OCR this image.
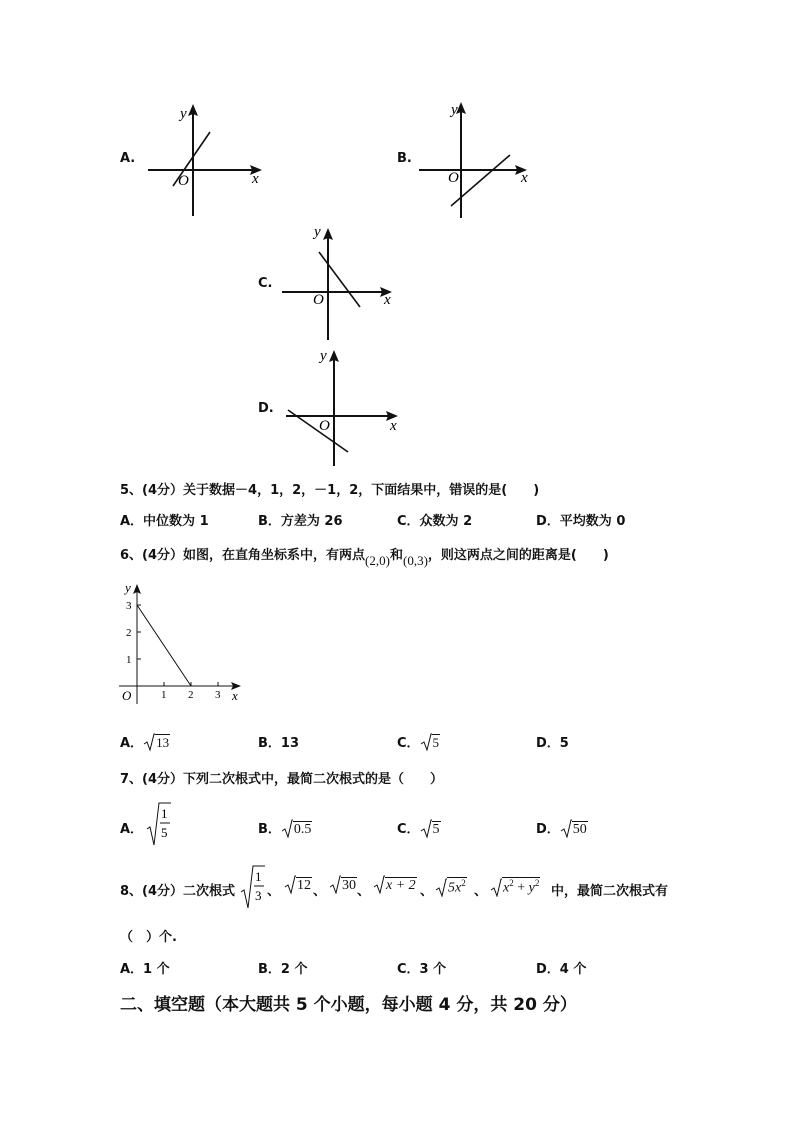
A.
y
x
O
B.
y
x
O
C.
y
x
O
D.
y
x
O
5、(4分）关于数据－4，1，2，－1，2，下面结果中，错误的是(　　)
A．中位数为 1	B．方差为 26	C．众数为 2	D．平均数为 0
6、(4分）如图，在直角坐标系中，有两点(2,0)和(0,3)，则这两点之间的距离是(　　)
1 2 3
1
2
3
y
x
O
A． 13	B．13	C． 5	D．5
7、(4分）下列二次根式中，最简二次根式的是（　　）
A．
1
5	B． 0.5	C． 5	D． 50
8、(4分）二次根式
1
3 、	12 、	30 、	x + 2 、	$5x^2$
、	$x^2 + y^2$
中，最简二次根式有
（　）个.
A．1 个	B．2 个	C．3 个	D．4 个
二、填空题（本大题共 5 个小题，每小题 4 分，共 20 分）
